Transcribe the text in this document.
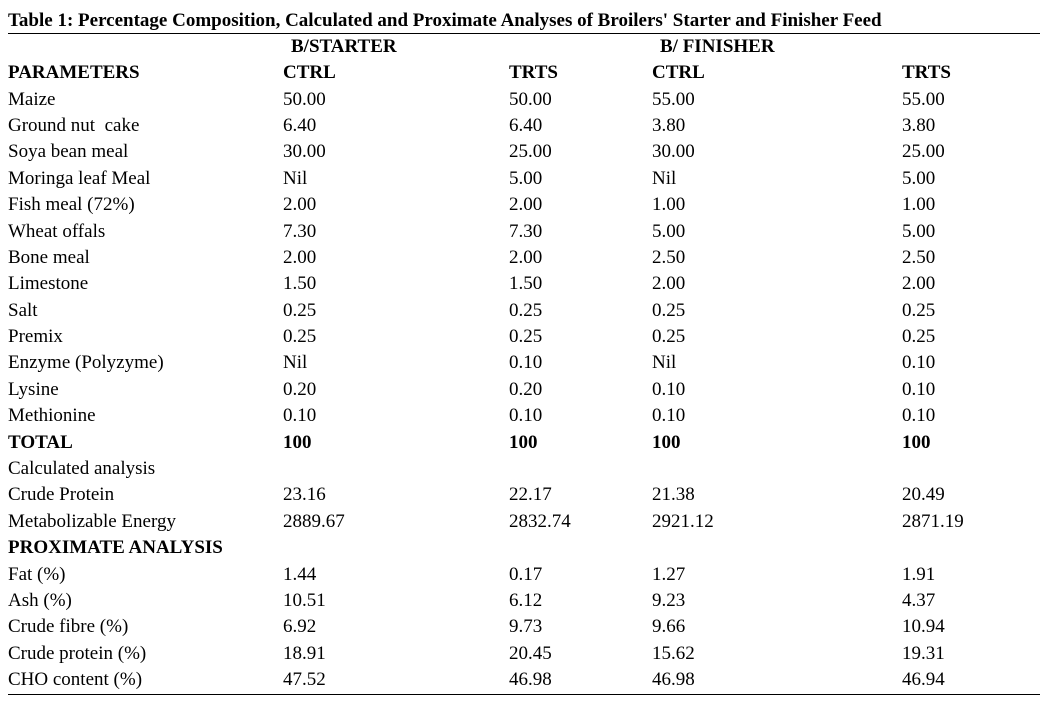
Table 1: Percentage Composition, Calculated and Proximate Analyses of Broilers' Starter and Finisher Feed
B/STARTER	B/ FINISHER
PARAMETERS	CTRL	TRTS	CTRL	TRTS
Maize	50.00	50.00	55.00	55.00
Ground nut  cake	6.40	6.40	3.80	3.80
Soya bean meal	30.00	25.00	30.00	25.00
Moringa leaf Meal	Nil	5.00	Nil	5.00
Fish meal (72%)	2.00	2.00	1.00	1.00
Wheat offals	7.30	7.30	5.00	5.00
Bone meal	2.00	2.00	2.50	2.50
Limestone	1.50	1.50	2.00	2.00
Salt	0.25	0.25	0.25	0.25
Premix	0.25	0.25	0.25	0.25
Enzyme (Polyzyme)	Nil	0.10	Nil	0.10
Lysine	0.20	0.20	0.10	0.10
Methionine	0.10	0.10	0.10	0.10
TOTAL	100	100	100	100
Calculated analysis				
Crude Protein	23.16	22.17	21.38	20.49
Metabolizable Energy	2889.67	2832.74	2921.12	2871.19
PROXIMATE ANALYSIS				
Fat (%)	1.44	0.17	1.27	1.91
Ash (%)	10.51	6.12	9.23	4.37
Crude fibre (%)	6.92	9.73	9.66	10.94
Crude protein (%)	18.91	20.45	15.62	19.31
CHO content (%)	47.52	46.98	46.98	46.94
